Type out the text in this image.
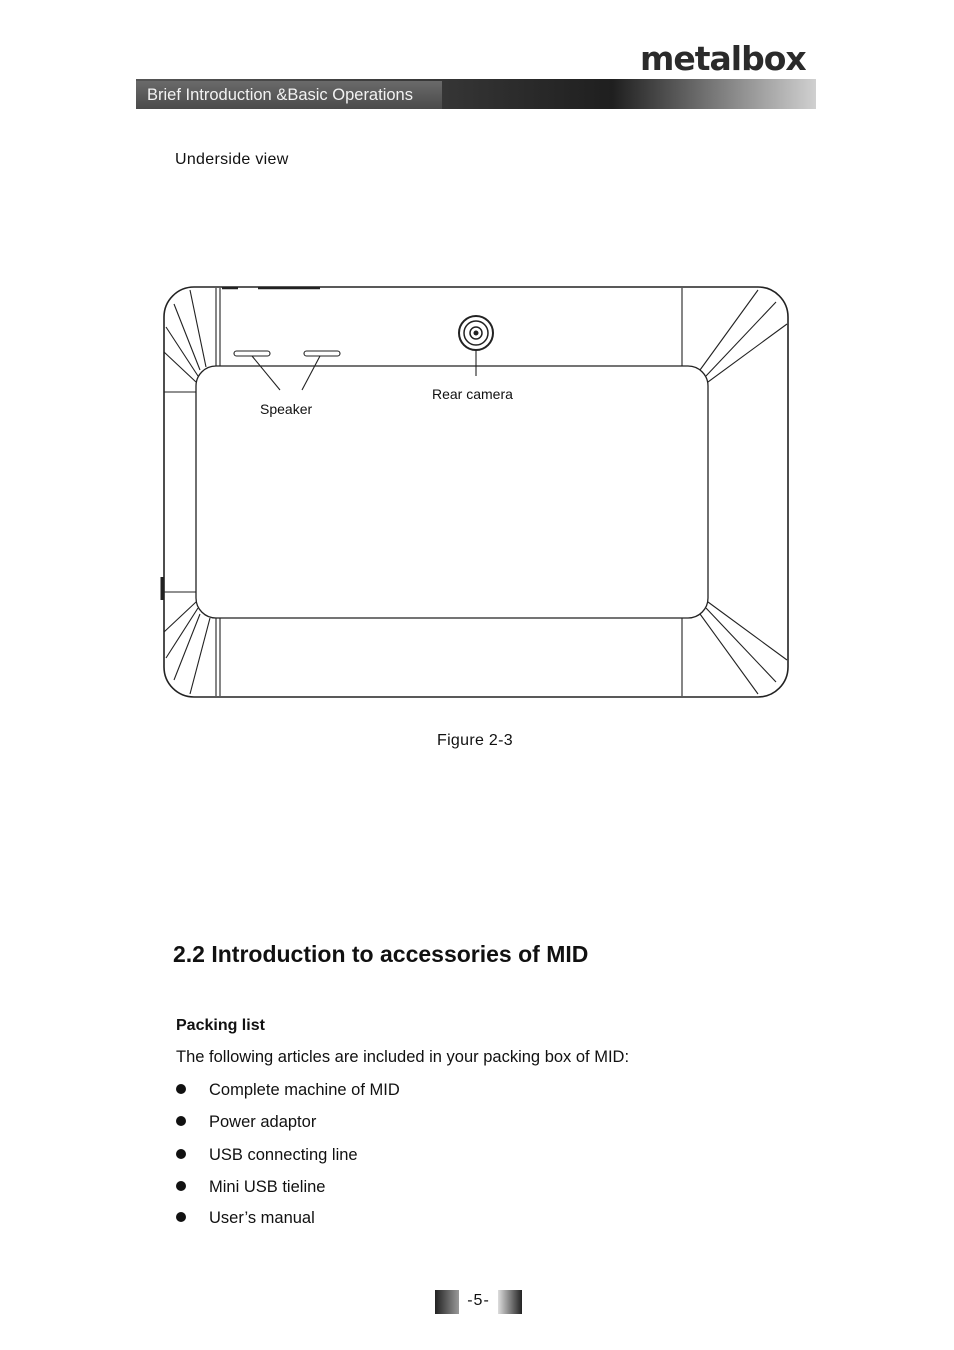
metalbox
Brief Introduction &Basic Operations
Underside view
Speaker
Rear camera
Figure 2-3
2.2 Introduction to accessories of MID
Packing list
The following articles are included in your packing box of MID:
Complete machine of MID
Power adaptor
USB connecting line
Mini USB tieline
User’s manual
-5-
